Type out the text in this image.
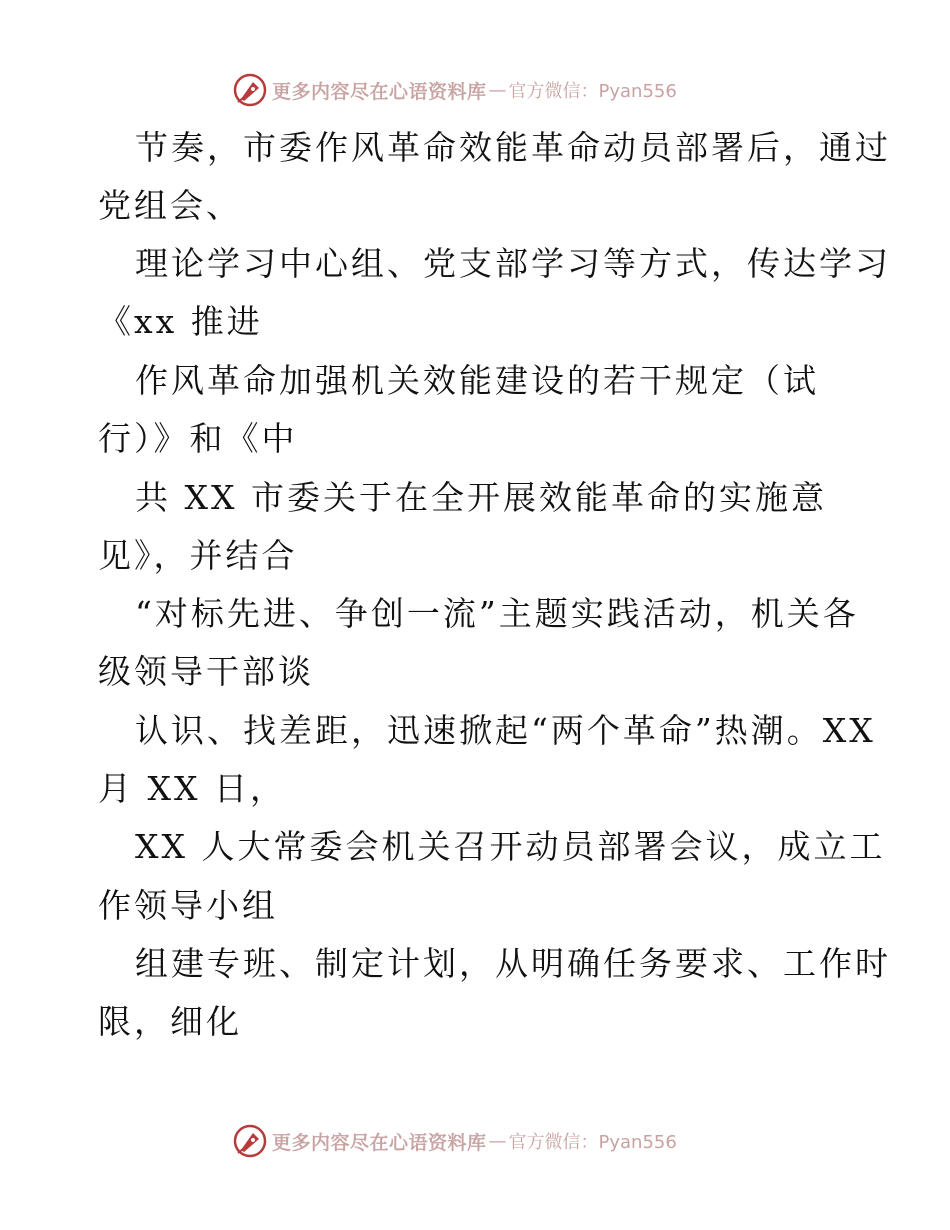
更多内容尽在心语资料库 — 官方微信：Pyan556
节奏，市委作风革命效能革命动员部署后，通过
党组会、
理论学习中心组、党支部学习等方式，传达学习
《xx 推进
作风革命加强机关效能建设的若干规定（试
行）》和《中
共 XX 市委关于在全开展效能革命的实施意
见》，并结合
“对标先进、争创一流”主题实践活动，机关各
级领导干部谈
认识、找差距，迅速掀起“两个革命”热潮。XX
月 XX 日，
XX 人大常委会机关召开动员部署会议，成立工
作领导小组
组建专班、制定计划，从明确任务要求、工作时
限，细化
更多内容尽在心语资料库 — 官方微信：Pyan556
